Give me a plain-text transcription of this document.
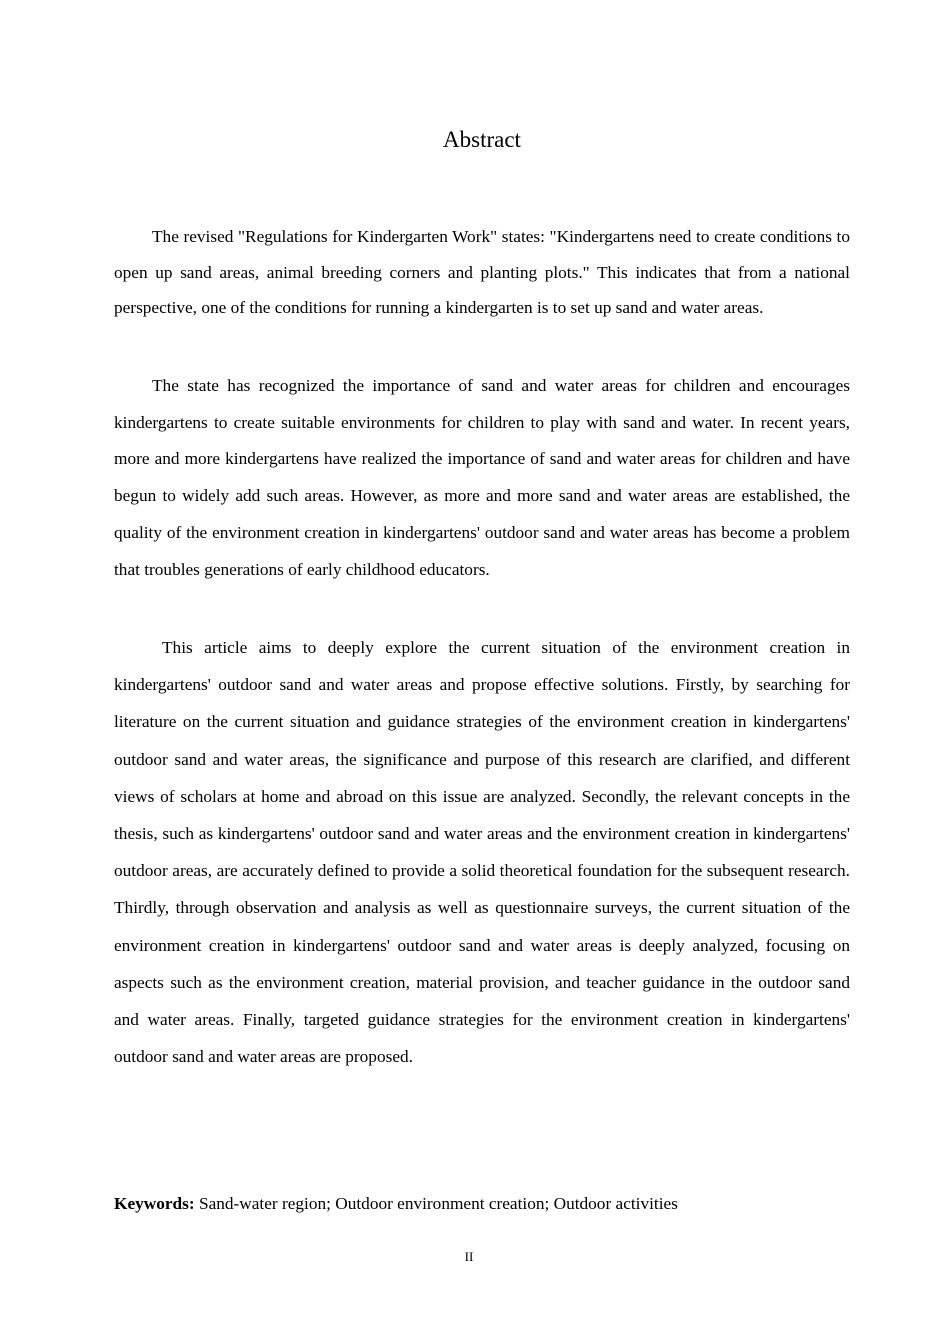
Abstract

The revised "Regulations for Kindergarten Work" states: "Kindergartens need to create conditions to open up sand areas, animal breeding corners and planting plots." This indicates that from a national perspective, one of the conditions for running a kindergarten is to set up sand and water areas.

The state has recognized the importance of sand and water areas for children and encourages kindergartens to create suitable environments for children to play with sand and water. In recent years, more and more kindergartens have realized the importance of sand and water areas for children and have begun to widely add such areas. However, as more and more sand and water areas are established, the quality of the environment creation in kindergartens' outdoor sand and water areas has become a problem that troubles generations of early childhood educators.

This article aims to deeply explore the current situation of the environment creation in kindergartens' outdoor sand and water areas and propose effective solutions. Firstly, by searching for literature on the current situation and guidance strategies of the environment creation in kindergartens' outdoor sand and water areas, the significance and purpose of this research are clarified, and different views of scholars at home and abroad on this issue are analyzed. Secondly, the relevant concepts in the thesis, such as kindergartens' outdoor sand and water areas and the environment creation in kindergartens' outdoor areas, are accurately defined to provide a solid theoretical foundation for the subsequent research. Thirdly, through observation and analysis as well as questionnaire surveys, the current situation of the environment creation in kindergartens' outdoor sand and water areas is deeply analyzed, focusing on aspects such as the environment creation, material provision, and teacher guidance in the outdoor sand and water areas. Finally, targeted guidance strategies for the environment creation in kindergartens' outdoor sand and water areas are proposed.

Keywords: Sand-water region; Outdoor environment creation; Outdoor activities

II
